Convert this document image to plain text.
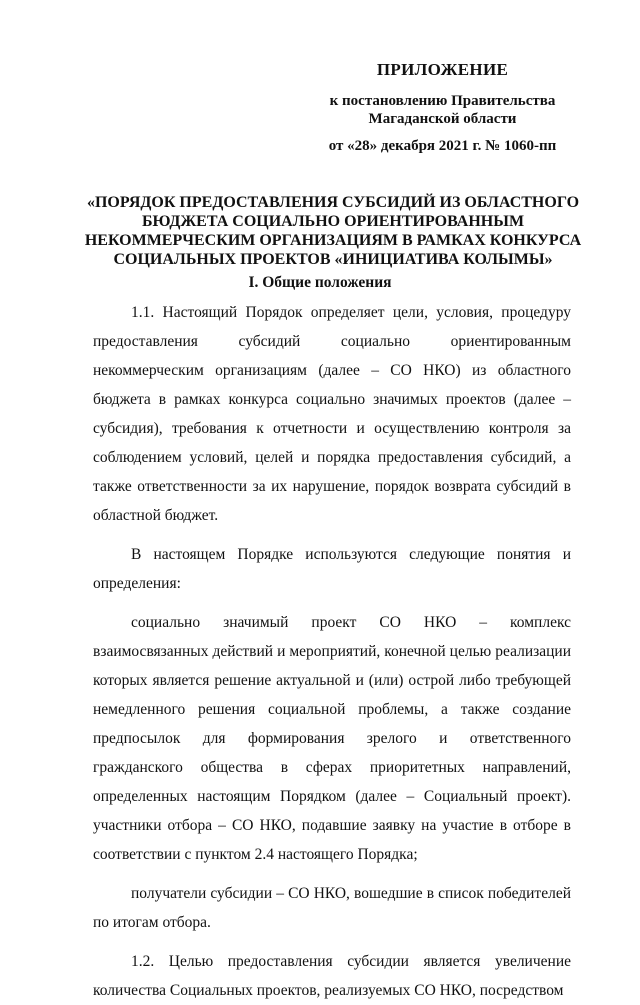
ПРИЛОЖЕНИЕ
к постановлению Правительства
Магаданской области
от «28» декабря 2021 г. № 1060-пп
«ПОРЯДОК ПРЕДОСТАВЛЕНИЯ СУБСИДИЙ ИЗ ОБЛАСТНОГО
БЮДЖЕТА СОЦИАЛЬНО ОРИЕНТИРОВАННЫМ
НЕКОММЕРЧЕСКИМ ОРГАНИЗАЦИЯМ В РАМКАХ КОНКУРСА
СОЦИАЛЬНЫХ ПРОЕКТОВ «ИНИЦИАТИВА КОЛЫМЫ»
I. Общие положения

1.1. Настоящий Порядок определяет цели, условия, процедуру предоставления субсидий социально ориентированным некоммерческим организациям (далее – СО НКО) из областного бюджета в рамках конкурса социально значимых проектов (далее – субсидия), требования к отчетности и осуществлению контроля за соблюдением условий, целей и порядка предоставления субсидий, а также ответственности за их нарушение, порядок возврата субсидий в областной бюджет.

В настоящем Порядке используются следующие понятия и определения:

социально значимый проект СО НКО – комплекс взаимосвязанных действий и мероприятий, конечной целью реализации которых является решение актуальной и (или) острой либо требующей немедленного решения социальной проблемы, а также создание предпосылок для формирования зрелого и ответственного гражданского общества в сферах приоритетных направлений, определенных настоящим Порядком (далее – Социальный проект). участники отбора – СО НКО, подавшие заявку на участие в отборе в соответствии с пунктом 2.4 настоящего Порядка;

получатели субсидии – СО НКО, вошедшие в список победителей по итогам отбора.

1.2. Целью предоставления субсидии является увеличение количества Социальных проектов, реализуемых СО НКО, посредством
